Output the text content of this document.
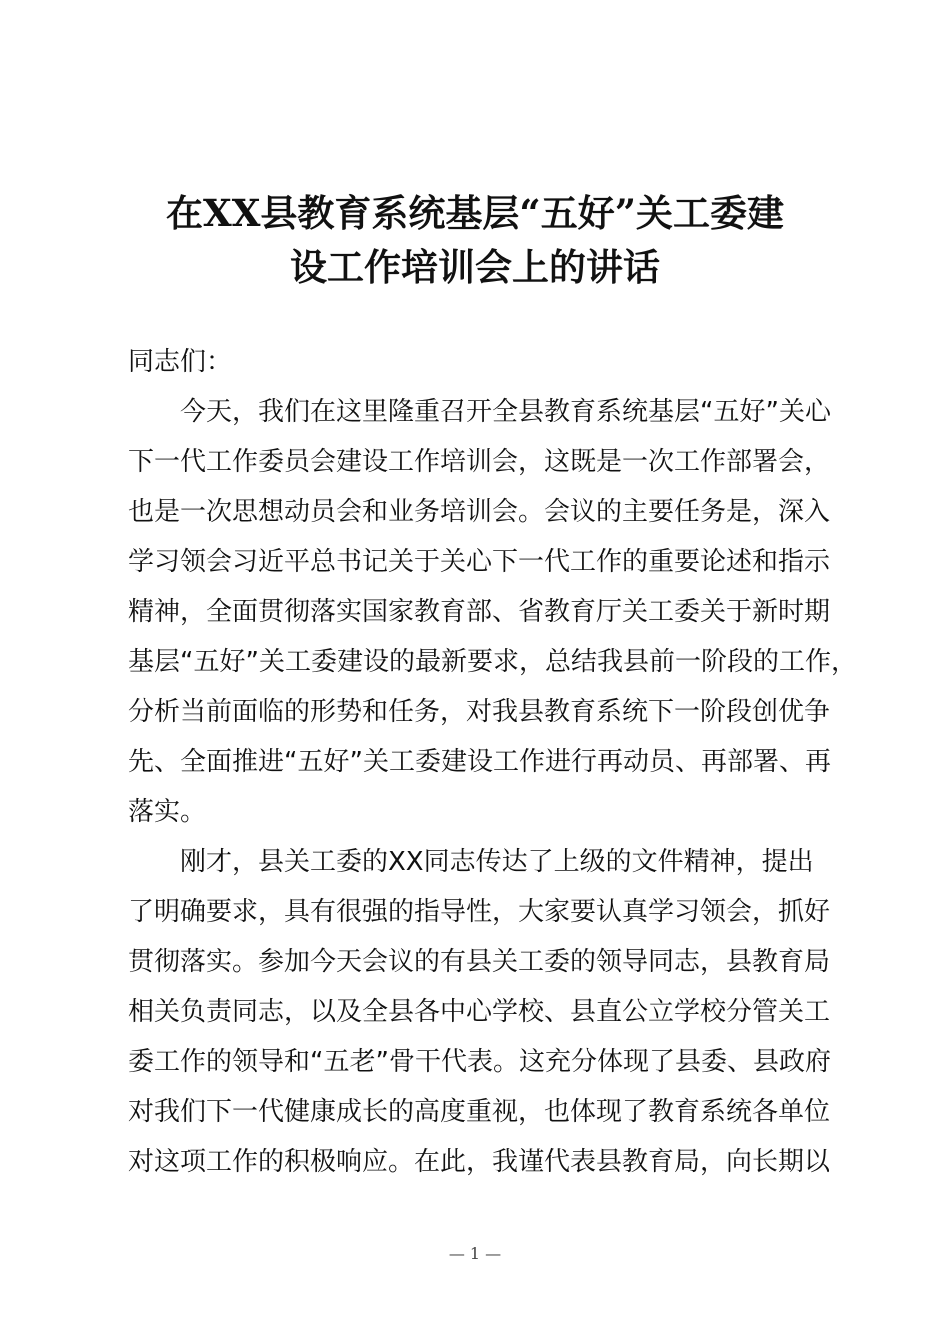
在XX县教育系统基层“五好”关工委建
设工作培训会上的讲话
同志们：
今天，我们在这里隆重召开全县教育系统基层“五好”关心
下一代工作委员会建设工作培训会，这既是一次工作部署会，
也是一次思想动员会和业务培训会。会议的主要任务是，深入
学习领会习近平总书记关于关心下一代工作的重要论述和指示
精神，全面贯彻落实国家教育部、省教育厅关工委关于新时期
基层“五好”关工委建设的最新要求，总结我县前一阶段的工作，
分析当前面临的形势和任务，对我县教育系统下一阶段创优争
先、全面推进“五好”关工委建设工作进行再动员、再部署、再
落实。
刚才，县关工委的XX同志传达了上级的文件精神，提出
了明确要求，具有很强的指导性，大家要认真学习领会，抓好
贯彻落实。参加今天会议的有县关工委的领导同志，县教育局
相关负责同志，以及全县各中心学校、县直公立学校分管关工
委工作的领导和“五老”骨干代表。这充分体现了县委、县政府
对我们下一代健康成长的高度重视，也体现了教育系统各单位
对这项工作的积极响应。在此，我谨代表县教育局，向长期以
— 1 —
